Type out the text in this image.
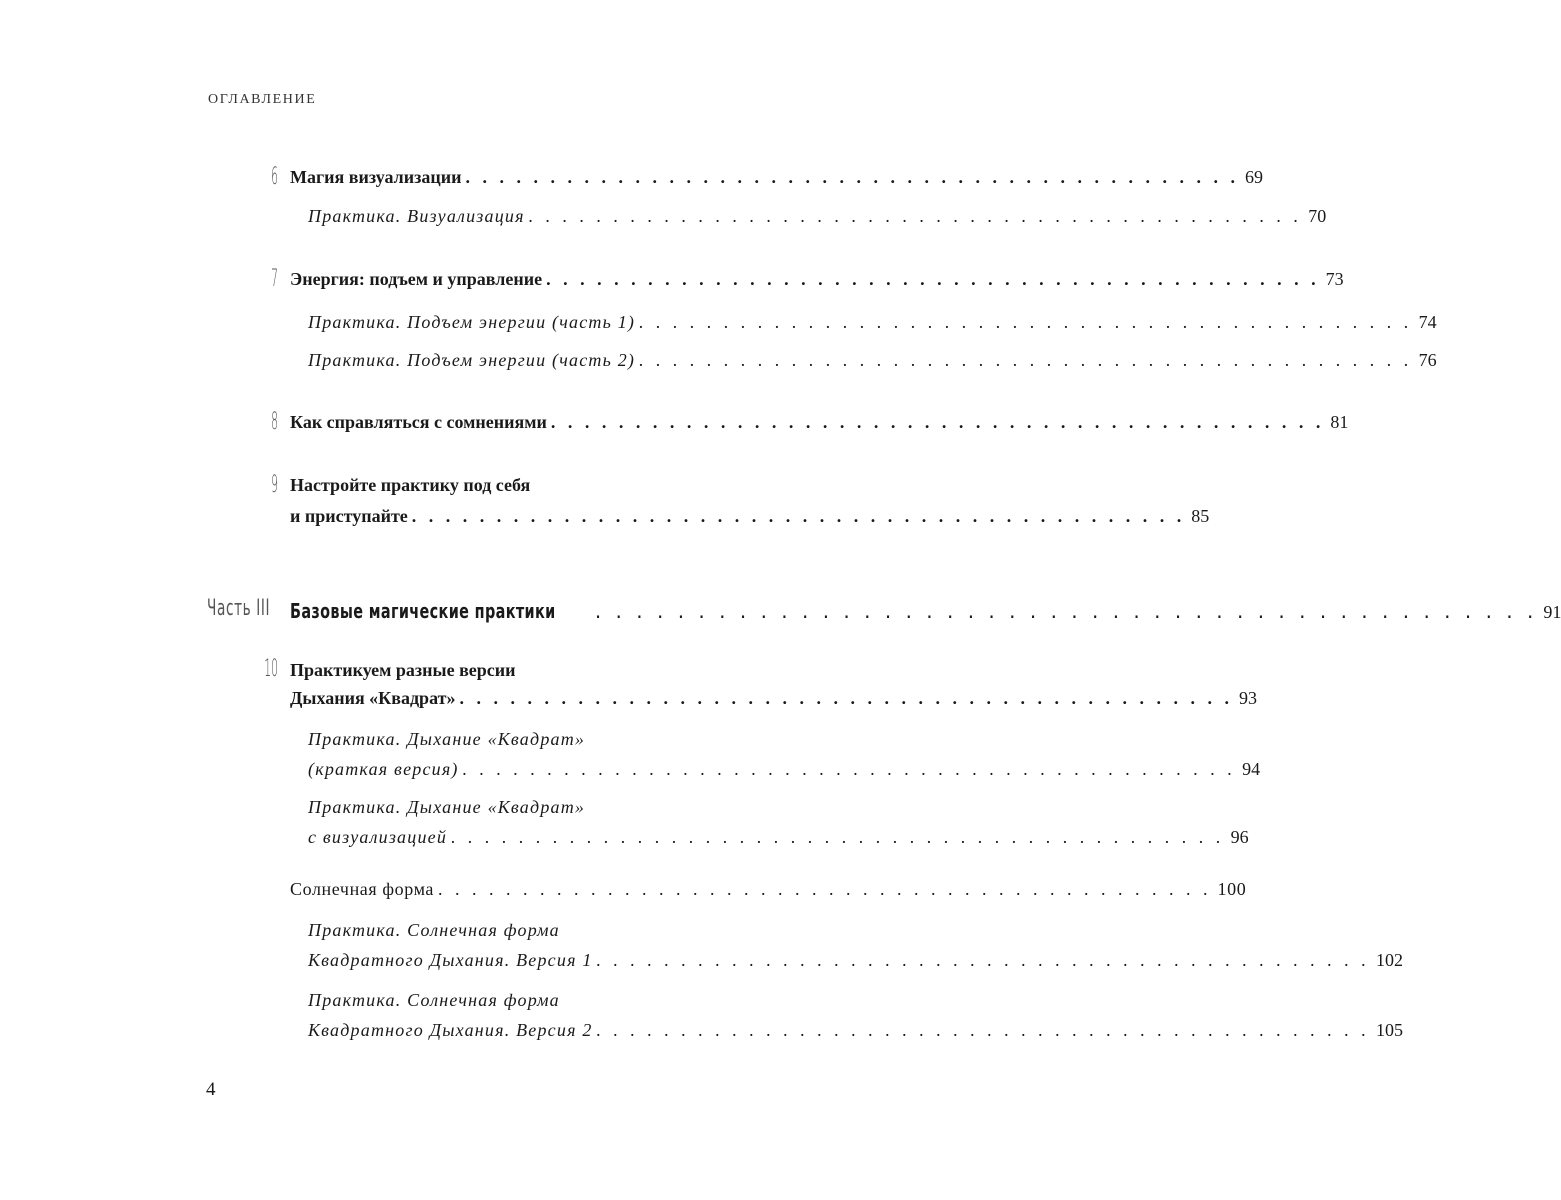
ОГЛАВЛЕНИЕ
6 Магия визуализации . . . . . . . . . . . . . . . . . . . . . . . . . . . . . . . . . . . . . . . . . . . . . . 69
Практика. Визуализация . . . . . . . . . . . . . . . . . . . . . . . . . . . . . . . . . . . . . . . . . . . . . . 70
7 Энергия: подъем и управление . . . . . . . . . . . . . . . . . . . . . . . . . . . . . . . . . . . . . . . . . . . . . . 73
Практика. Подъем энергии (часть 1) . . . . . . . . . . . . . . . . . . . . . . . . . . . . . . . . . . . . . . . . . . . . . . 74
Практика. Подъем энергии (часть 2) . . . . . . . . . . . . . . . . . . . . . . . . . . . . . . . . . . . . . . . . . . . . . . 76
8 Как справляться с сомнениями . . . . . . . . . . . . . . . . . . . . . . . . . . . . . . . . . . . . . . . . . . . . . . 81
9 Настройте практику под себя
и приступайте . . . . . . . . . . . . . . . . . . . . . . . . . . . . . . . . . . . . . . . . . . . . . . 85
Часть III Базовые магические практики . . . . . . . . . . . . . . . . . . . . . . . . . . . . . . . . . . . . . . . . . . . . . . 91
10 Практикуем разные версии
Дыхания «Квадрат» . . . . . . . . . . . . . . . . . . . . . . . . . . . . . . . . . . . . . . . . . . . . . . 93
Практика. Дыхание «Квадрат»
(краткая версия) . . . . . . . . . . . . . . . . . . . . . . . . . . . . . . . . . . . . . . . . . . . . . . 94
Практика. Дыхание «Квадрат»
с визуализацией . . . . . . . . . . . . . . . . . . . . . . . . . . . . . . . . . . . . . . . . . . . . . . 96
Солнечная форма . . . . . . . . . . . . . . . . . . . . . . . . . . . . . . . . . . . . . . . . . . . . . . 100
Практика. Солнечная форма
Квадратного Дыхания. Версия 1 . . . . . . . . . . . . . . . . . . . . . . . . . . . . . . . . . . . . . . . . . . . . . . 102
Практика. Солнечная форма
Квадратного Дыхания. Версия 2 . . . . . . . . . . . . . . . . . . . . . . . . . . . . . . . . . . . . . . . . . . . . . . 105
4
